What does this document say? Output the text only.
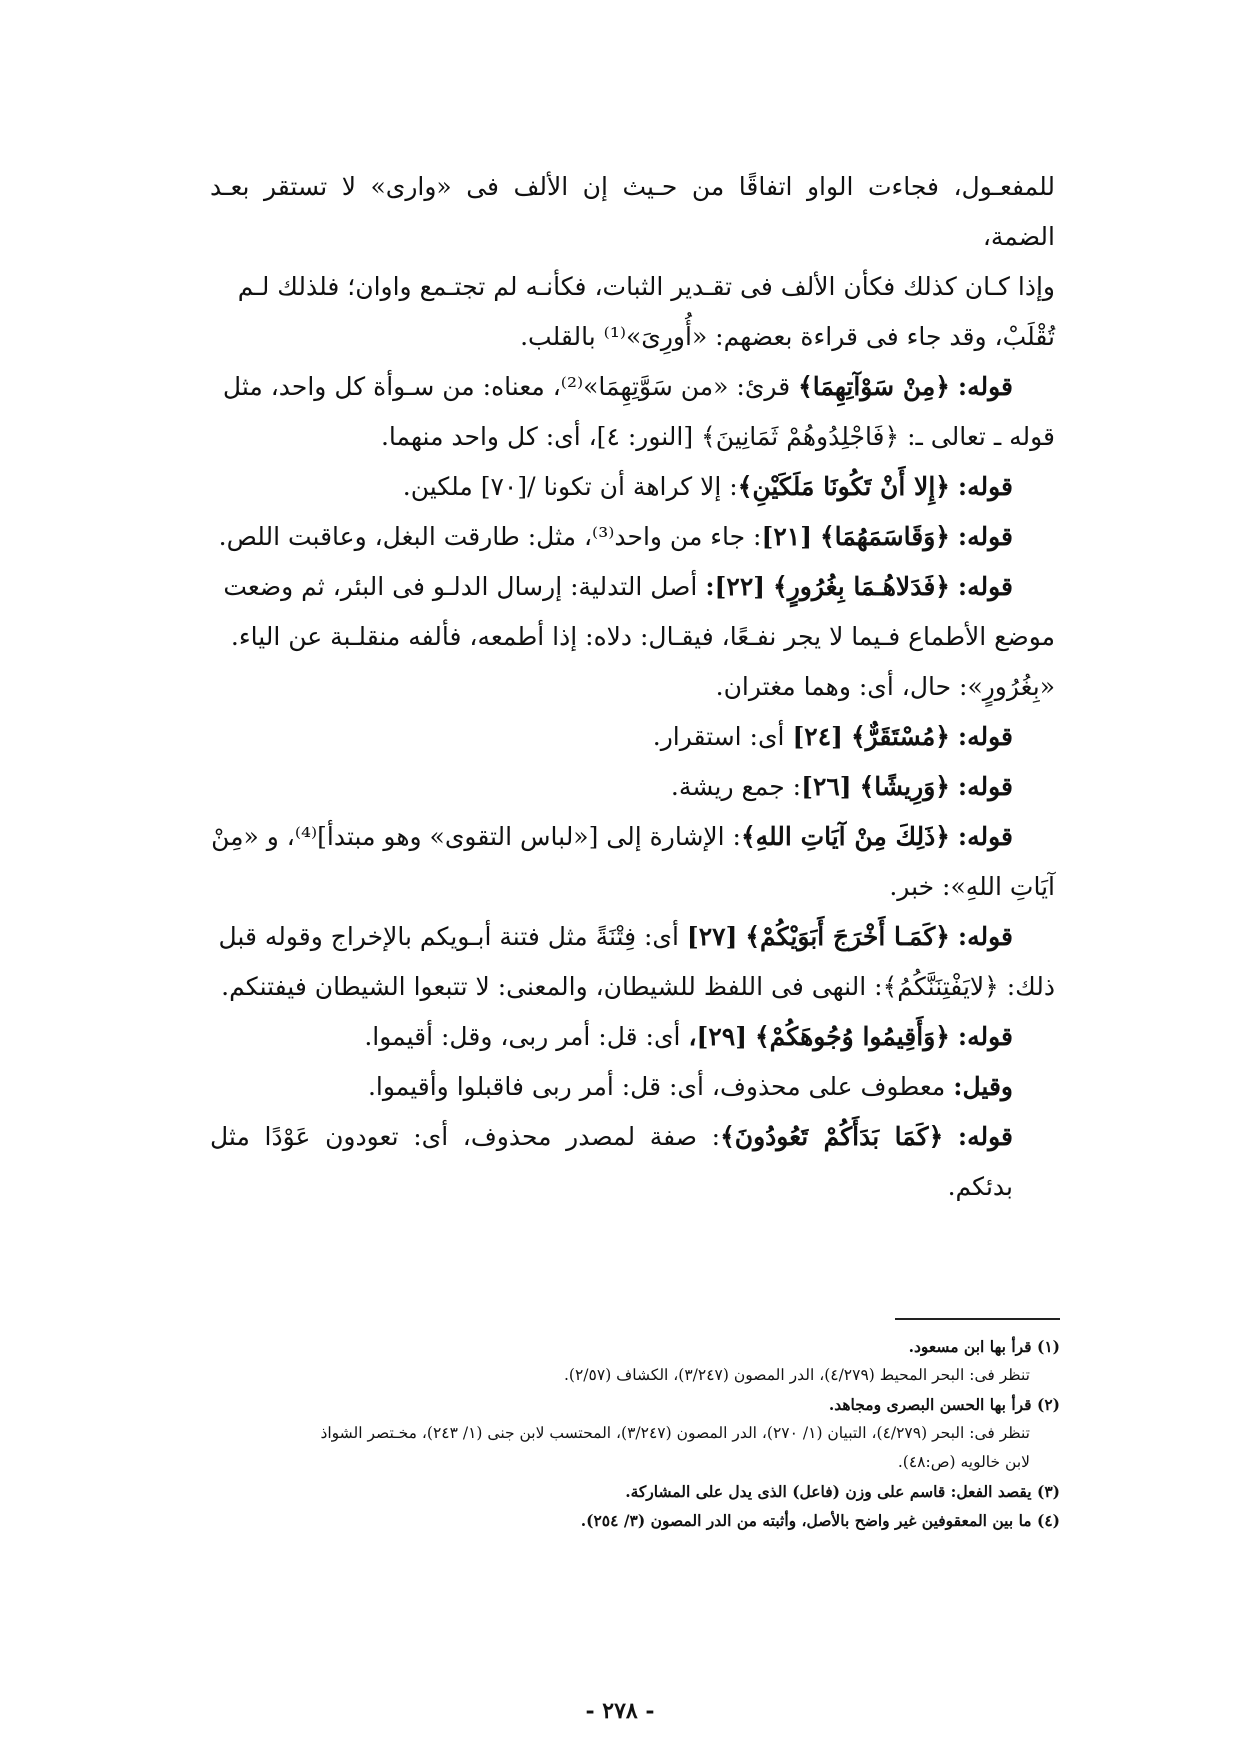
للمفعـول، فجاءت الواو اتفاقًا من حـيث إن الألف فى «وارى» لا تستقر بعـد الضمة،
وإذا كـان كذلك فكأن الألف فى تقـدير الثبات، فكأنـه لم تجتـمع واوان؛ فلذلك لـم
تُقْلَبْ، وقد جاء فى قراءة بعضهم: «أُورِىَ»⁽¹⁾ بالقلب.

قوله: ﴿مِنْ سَوْآتِهِمَا﴾ قرئ: «من سَوَّتِهِمَا»⁽²⁾، معناه: من سـوأة كل واحد، مثل

قوله ـ تعالى ـ: ﴿فَاجْلِدُوهُمْ ثَمَانِينَ﴾ [النور: ٤]، أى: كل واحد منهما.

قوله: ﴿إِلا أَنْ تَكُونَا مَلَكَيْنِ﴾: إلا كراهة أن تكونا /[٧٠] ملكين.

قوله: ﴿وَقَاسَمَهُمَا﴾ [٢١]: جاء من واحد⁽³⁾، مثل: طارقت البغل، وعاقبت اللص.

قوله: ﴿فَدَلاهُـمَا بِغُرُورٍ﴾ [٢٢]: أصل التدلية: إرسال الدلـو فى البئر، ثم وضعت

موضع الأطماع فـيما لا يجر نفـعًا، فيقـال: دلاه: إذا أطمعه، فألفه منقلـبة عن الياء.
«بِغُرُورٍ»: حال، أى: وهما مغتران.

قوله: ﴿مُسْتَقَرٌّ﴾ [٢٤] أى: استقرار.

قوله: ﴿وَرِيشًا﴾ [٢٦]: جمع ريشة.

قوله: ﴿ذَلِكَ مِنْ آيَاتِ اللهِ﴾: الإشارة إلى [«لباس التقوى» وهو مبتدأ]⁽⁴⁾، و «مِنْ

آيَاتِ اللهِ»: خبر.

قوله: ﴿كَمَـا أَخْرَجَ أَبَوَيْكُمْ﴾ [٢٧] أى: فِتْنَةً مثل فتنة أبـويكم بالإخراج وقوله قبل

ذلك: ﴿لايَفْتِنَنَّكُمُ﴾: النهى فى اللفظ للشيطان، والمعنى: لا تتبعوا الشيطان فيفتنكم.

قوله: ﴿وَأَقِيمُوا وُجُوهَكُمْ﴾ [٢٩]، أى: قل: أمر ربى، وقل: أقيموا.

وقيل: معطوف على محذوف، أى: قل: أمر ربى فاقبلوا وأقيموا.

قوله: ﴿كَمَا بَدَأَكُمْ تَعُودُونَ﴾: صفة لمصدر محذوف، أى: تعودون عَوْدًا مثل بدئكم.

(١) قرأ بها ابن مسعود.

تنظر فى: البحر المحيط (٤/٢٧٩)، الدر المصون (٣/٢٤٧)، الكشاف (٢/٥٧).

(٢) قرأ بها الحسن البصرى ومجاهد.

تنظر فى: البحر (٤/٢٧٩)، التبيان (١/ ٢٧٠)، الدر المصون (٣/٢٤٧)، المحتسب لابن جنى (١/ ٢٤٣)، مخـتصر الشواذ

لابن خالويه (ص:٤٨).

(٣) يقصد الفعل: قاسم على وزن (فاعل) الذى يدل على المشاركة.

(٤) ما بين المعقوفين غير واضح بالأصل، وأثبته من الدر المصون (٣/ ٢٥٤).

- ٢٧٨ -
